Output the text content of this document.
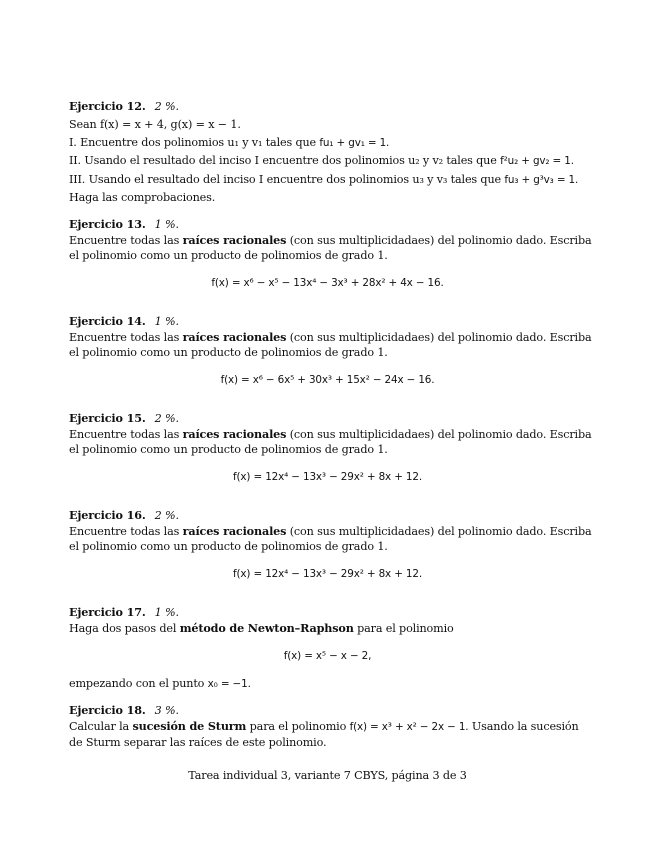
Ejercicio 12. 2 %.
Sean f(x) = x + 4, g(x) = x − 1.
I. Encuentre dos polinomios u₁ y v₁ tales que fu₁ + gv₁ = 1.
II. Usando el resultado del inciso I encuentre dos polinomios u₂ y v₂ tales que f²u₂ + gv₂ = 1.
III. Usando el resultado del inciso I encuentre dos polinomios u₃ y v₃ tales que fu₃ + g³v₃ = 1.
Haga las comprobaciones.
Ejercicio 13. 1 %.
Encuentre todas las raíces racionales (con sus multiplicidadaes) del polinomio dado. Escriba
el polinomio como un producto de polinomios de grado 1.
f(x) = x⁶ − x⁵ − 13x⁴ − 3x³ + 28x² + 4x − 16.
Ejercicio 14. 1 %.
Encuentre todas las raíces racionales (con sus multiplicidadaes) del polinomio dado. Escriba
el polinomio como un producto de polinomios de grado 1.
f(x) = x⁶ − 6x⁵ + 30x³ + 15x² − 24x − 16.
Ejercicio 15. 2 %.
Encuentre todas las raíces racionales (con sus multiplicidadaes) del polinomio dado. Escriba
el polinomio como un producto de polinomios de grado 1.
f(x) = 12x⁴ − 13x³ − 29x² + 8x + 12.
Ejercicio 16. 2 %.
Encuentre todas las raíces racionales (con sus multiplicidadaes) del polinomio dado. Escriba
el polinomio como un producto de polinomios de grado 1.
f(x) = 12x⁴ − 13x³ − 29x² + 8x + 12.
Ejercicio 17. 1 %.
Haga dos pasos del método de Newton–Raphson para el polinomio
f(x) = x⁵ − x − 2,
empezando con el punto x₀ = −1.
Ejercicio 18. 3 %.
Calcular la sucesión de Sturm para el polinomio f(x) = x³ + x² − 2x − 1. Usando la sucesión
de Sturm separar las raíces de este polinomio.
Tarea individual 3, variante 7 CBYS, página 3 de 3
